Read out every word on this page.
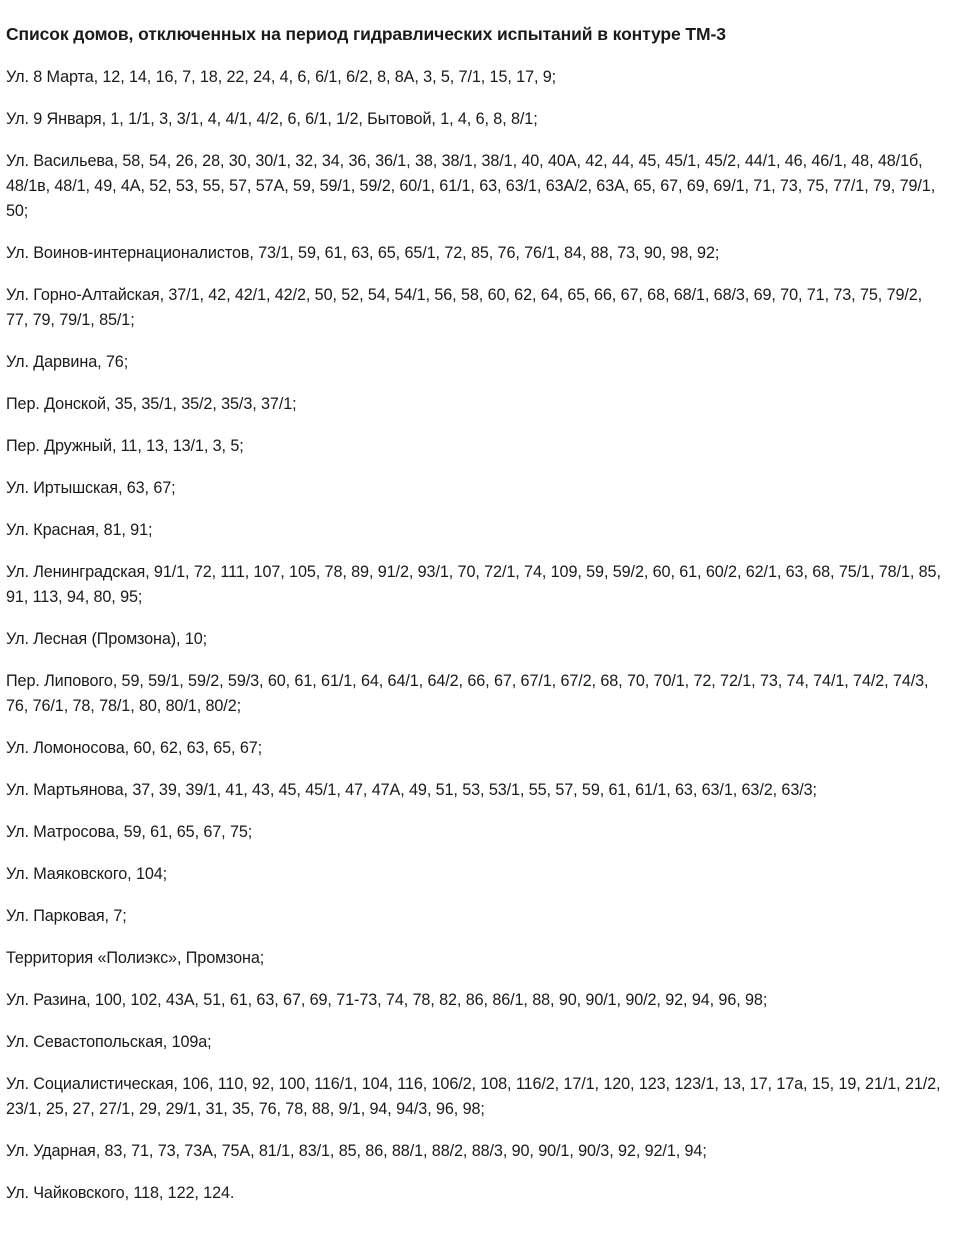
Список домов, отключенных на период гидравлических испытаний в контуре ТМ-3

Ул. 8 Марта, 12, 14, 16, 7, 18, 22, 24, 4, 6, 6/1, 6/2, 8, 8А, 3, 5, 7/1, 15, 17, 9;

Ул. 9 Января, 1, 1/1, 3, 3/1, 4, 4/1, 4/2, 6, 6/1, 1/2, Бытовой, 1, 4, 6, 8, 8/1;

Ул. Васильева, 58, 54, 26, 28, 30, 30/1, 32, 34, 36, 36/1, 38, 38/1, 38/1, 40, 40А, 42, 44, 45, 45/1, 45/2, 44/1, 46, 46/1, 48, 48/1б, 48/1в, 48/1, 49, 4А, 52, 53, 55, 57, 57А, 59, 59/1, 59/2, 60/1, 61/1, 63, 63/1, 63А/2, 63А, 65, 67, 69, 69/1, 71, 73, 75, 77/1, 79, 79/1, 50;

Ул. Воинов-интернационалистов, 73/1, 59, 61, 63, 65, 65/1, 72, 85, 76, 76/1, 84, 88, 73, 90, 98, 92;

Ул. Горно-Алтайская, 37/1, 42, 42/1, 42/2, 50, 52, 54, 54/1, 56, 58, 60, 62, 64, 65, 66, 67, 68, 68/1, 68/3, 69, 70, 71, 73, 75, 79/2, 77, 79, 79/1, 85/1;

Ул. Дарвина, 76;

Пер. Донской, 35, 35/1, 35/2, 35/3, 37/1;

Пер. Дружный, 11, 13, 13/1, 3, 5;

Ул. Иртышская, 63, 67;

Ул. Красная, 81, 91;

Ул. Ленинградская, 91/1, 72, 111, 107, 105, 78, 89, 91/2, 93/1, 70, 72/1, 74, 109, 59, 59/2, 60, 61, 60/2, 62/1, 63, 68, 75/1, 78/1, 85, 91, 113, 94, 80, 95;

Ул. Лесная (Промзона), 10;

Пер. Липового, 59, 59/1, 59/2, 59/3, 60, 61, 61/1, 64, 64/1, 64/2, 66, 67, 67/1, 67/2, 68, 70, 70/1, 72, 72/1, 73, 74, 74/1, 74/2, 74/3, 76, 76/1, 78, 78/1, 80, 80/1, 80/2;

Ул. Ломоносова, 60, 62, 63, 65, 67;

Ул. Мартьянова, 37, 39, 39/1, 41, 43, 45, 45/1, 47, 47А, 49, 51, 53, 53/1, 55, 57, 59, 61, 61/1, 63, 63/1, 63/2, 63/3;

Ул. Матросова, 59, 61, 65, 67, 75;

Ул. Маяковского, 104;

Ул. Парковая, 7;

Территория «Полиэкс», Промзона;

Ул. Разина, 100, 102, 43А, 51, 61, 63, 67, 69, 71-73, 74, 78, 82, 86, 86/1, 88, 90, 90/1, 90/2, 92, 94, 96, 98;

Ул. Севастопольская, 109а;

Ул. Социалистическая, 106, 110, 92, 100, 116/1, 104, 116, 106/2, 108, 116/2, 17/1, 120, 123, 123/1, 13, 17, 17а, 15, 19, 21/1, 21/2, 23/1, 25, 27, 27/1, 29, 29/1, 31, 35, 76, 78, 88, 9/1, 94, 94/3, 96, 98;

Ул. Ударная, 83, 71, 73, 73А, 75А, 81/1, 83/1, 85, 86, 88/1, 88/2, 88/3, 90, 90/1, 90/3, 92, 92/1, 94;

Ул. Чайковского, 118, 122, 124.
